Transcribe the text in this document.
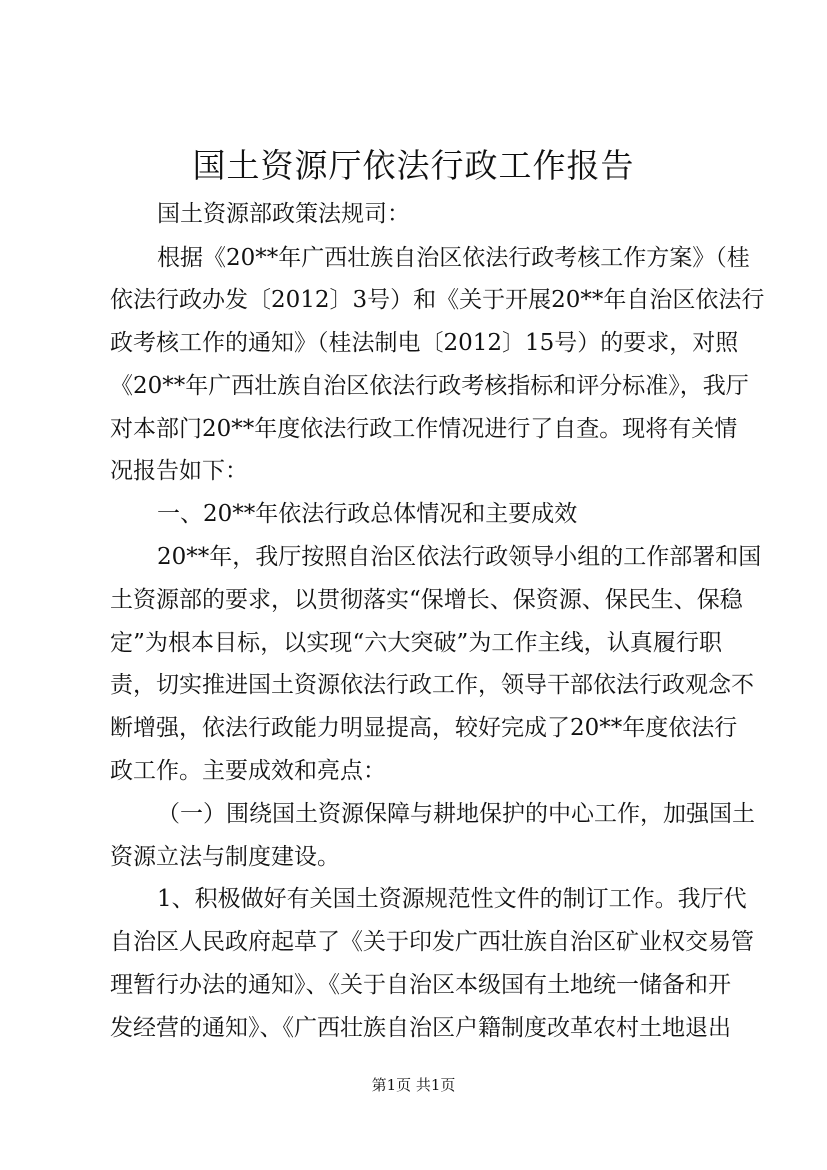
国土资源厅依法行政工作报告
国土资源部政策法规司：
根据《20**年广西壮族自治区依法行政考核工作方案》（桂
依法行政办发〔2012〕3号）和《关于开展20**年自治区依法行
政考核工作的通知》（桂法制电〔2012〕15号）的要求，对照
《20**年广西壮族自治区依法行政考核指标和评分标准》，我厅
对本部门20**年度依法行政工作情况进行了自查。现将有关情
况报告如下：
一、20**年依法行政总体情况和主要成效
20**年，我厅按照自治区依法行政领导小组的工作部署和国
土资源部的要求，以贯彻落实“保增长、保资源、保民生、保稳
定”为根本目标，以实现“六大突破”为工作主线，认真履行职
责，切实推进国土资源依法行政工作，领导干部依法行政观念不
断增强，依法行政能力明显提高，较好完成了20**年度依法行
政工作。主要成效和亮点：
（一）围绕国土资源保障与耕地保护的中心工作，加强国土
资源立法与制度建设。
1、积极做好有关国土资源规范性文件的制订工作。我厅代
自治区人民政府起草了《关于印发广西壮族自治区矿业权交易管
理暂行办法的通知》、《关于自治区本级国有土地统一储备和开
发经营的通知》、《广西壮族自治区户籍制度改革农村土地退出
第1页 共1页
